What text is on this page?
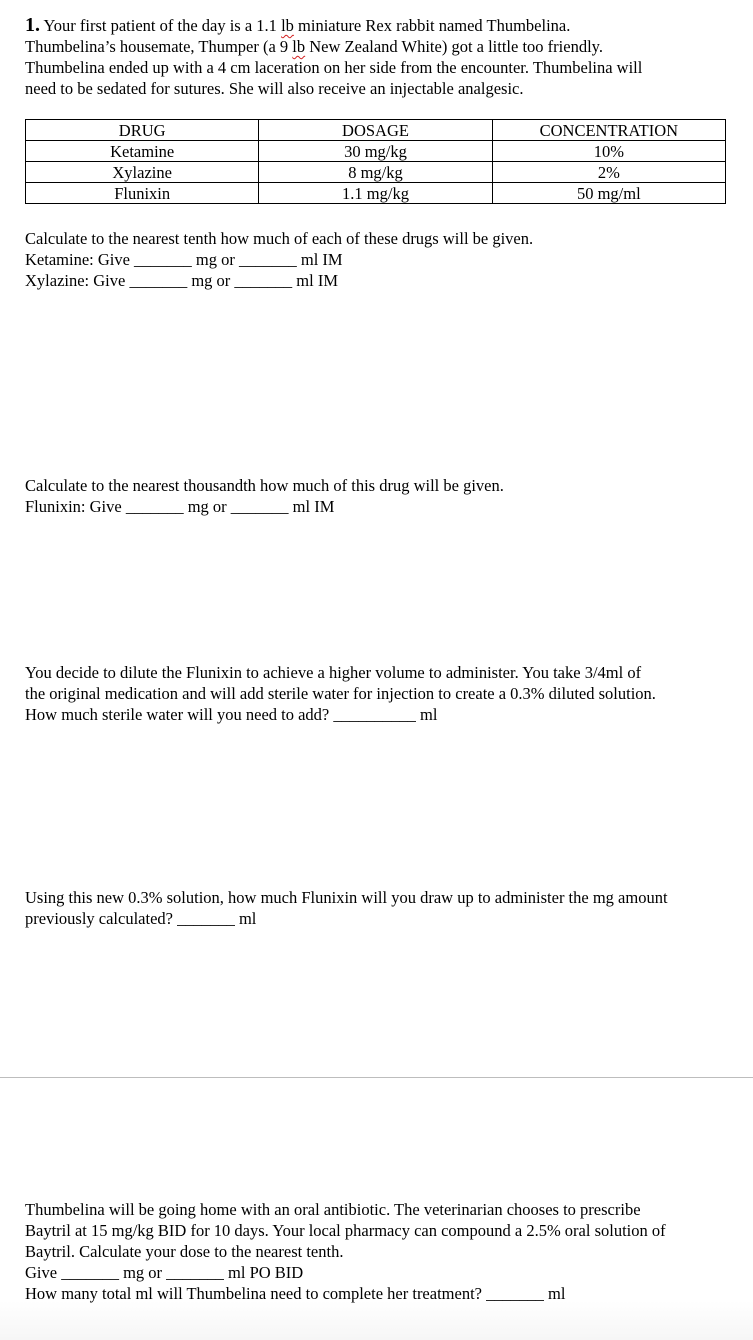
1. Your first patient of the day is a 1.1 lb miniature Rex rabbit named Thumbelina.

Thumbelina’s housemate, Thumper (a 9 lb New Zealand White) got a little too friendly.

Thumbelina ended up with a 4 cm laceration on her side from the encounter. Thumbelina will

need to be sedated for sutures. She will also receive an injectable analgesic.

DRUG	DOSAGE	CONCENTRATION
Ketamine	30 mg/kg	10%
Xylazine	8 mg/kg	2%
Flunixin	1.1 mg/kg	50 mg/ml

Calculate to the nearest tenth how much of each of these drugs will be given.

Ketamine: Give _______ mg or _______ ml IM

Xylazine: Give _______ mg or _______ ml IM

Calculate to the nearest thousandth how much of this drug will be given.

Flunixin: Give _______ mg or _______ ml IM

You decide to dilute the Flunixin to achieve a higher volume to administer. You take 3/4ml of

the original medication and will add sterile water for injection to create a 0.3% diluted solution.

How much sterile water will you need to add? __________ ml

Using this new 0.3% solution, how much Flunixin will you draw up to administer the mg amount

previously calculated? _______ ml

Thumbelina will be going home with an oral antibiotic. The veterinarian chooses to prescribe

Baytril at 15 mg/kg BID for 10 days. Your local pharmacy can compound a 2.5% oral solution of

Baytril. Calculate your dose to the nearest tenth.

Give _______ mg or _______ ml PO BID

How many total ml will Thumbelina need to complete her treatment? _______ ml
